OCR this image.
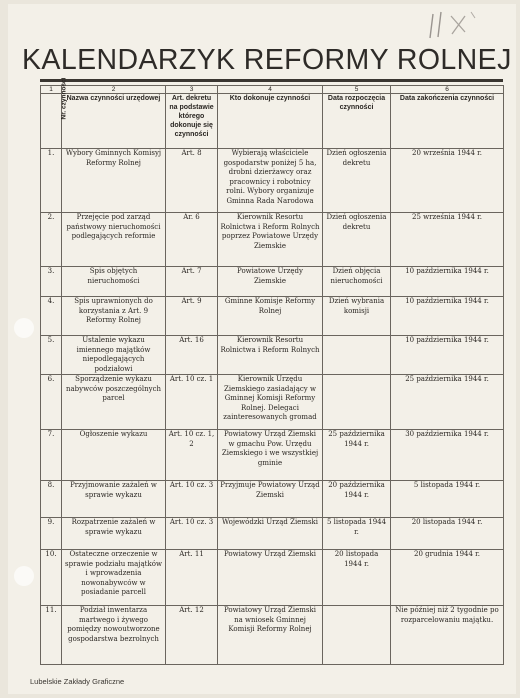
KALENDARZYK REFORMY ROLNEJ
1	2	3	4	5	6
Nr. czynności	Nazwa czynności urzędowej	Art. dekretu na podstawie którego dokonuje się czynności	Kto dokonuje czynności	Data rozpoczęcia czynności	Data zakończenia czynności
1.	Wybory Gminnych Komisyj Reformy Rolnej	Art. 8	Wybierają właściciele gospodarstw poniżej 5 ha, drobni dzierżawcy oraz pracownicy i robotnicy rolni. Wybory organizuje Gminna Rada Narodowa	Dzień ogłoszenia dekretu	20 września 1944 r.
2.	Przejęcie pod zarząd państwowy nieruchomości podlegających reformie	Ar. 6	Kierownik Resortu Rolnictwa i Reform Rolnych poprzez Powiatowe Urzędy Ziemskie	Dzień ogłoszenia dekretu	25 września 1944 r.
3.	Spis objętych nieruchomości	Art. 7	Powiatowe Urzędy Ziemskie	Dzień objęcia nieruchomości	10 października 1944 r.
4.	Spis uprawnionych do korzystania z Art. 9 Reformy Rolnej	Art. 9	Gminne Komisje Reformy Rolnej	Dzień wybrania komisji	10 października 1944 r.
5.	Ustalenie wykazu imiennego majątków niepodlegających podziałowi	Art. 16	Kierownik Resortu Rolnictwa i Reform Rolnych		10 października 1944 r.
6.	Sporządzenie wykazu nabywców poszczególnych parcel	Art. 10 cz. 1	Kierownik Urzędu Ziemskiego zasiadający w Gminnej Komisji Reformy Rolnej. Delegaci zainteresowanych gromad		25 października 1944 r.
7.	Ogłoszenie wykazu	Art. 10 cz. 1, 2	Powiatowy Urząd Ziemski w gmachu Pow. Urzędu Ziemskiego i we wszystkiej gminie	25 października 1944 r.	30 października 1944 r.
8.	Przyjmowanie zażaleń w sprawie wykazu	Art. 10 cz. 3	Przyjmuje Powiatowy Urząd Ziemski	20 października 1944 r.	5 listopada 1944 r.
9.	Rozpatrzenie zażaleń w sprawie wykazu	Art. 10 cz. 3	Wojewódzki Urząd Ziemski	5 listopada 1944 r.	20 listopada 1944 r.
10.	Ostateczne orzeczenie w sprawie podziału majątków i wprowadzenia nowonabywców w posiadanie parcell	Art. 11	Powiatowy Urząd Ziemski	20 listopada 1944 r.	20 grudnia 1944 r.
11.	Podział inwentarza martwego i żywego pomiędzy nowoutworzone gospodarstwa bezrolnych	Art. 12	Powiatowy Urząd Ziemski na wniosek Gminnej Komisji Reformy Rolnej		Nie później niż 2 tygodnie po rozparcelowaniu majątku.
Lubelskie Zakłady Graficzne
